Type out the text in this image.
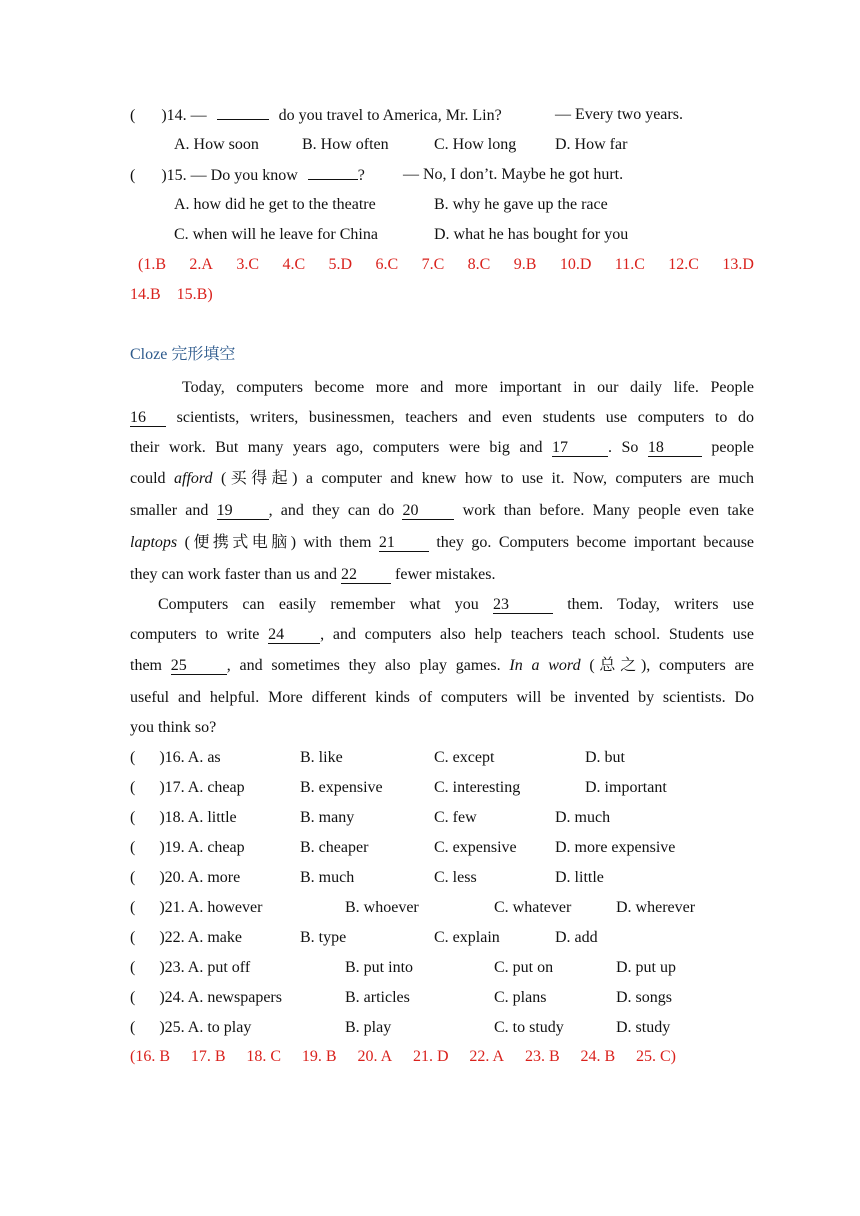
( )14. —	do you travel to America, Mr. Lin?	— Every two years.
A. How soon	B. How often	C. How long D. How far
( )15. — Do you know	? — No, I don’t. Maybe he got hurt.
A. how did he get to the theatre	B. why he gave up the race
C. when will he leave for China	D. what he has bought for you
(1.B 2.A 3.C 4.C 5.D 6.C 7.C 8.C 9.B 10.D 11.C 12.C 13.D
14.B    15.B)
Cloze 完形填空
Today, computers become more and more important in our daily life. People
16 scientists, writers, businessmen, teachers and even students use computers to do
their work. But many years ago, computers were big and 17	. So 18	people
could afford (买得起) a computer and knew how to use it. Now, computers are much
smaller and 19 , and they can do 20	work than before. Many people even take
laptops (便携式电脑) with them 21	they go. Computers become important because
they can work faster than us and 22 fewer mistakes.
Computers can easily remember what you 23	them. Today, writers use
computers to write 24 , and computers also help teachers teach school. Students use
them 25	, and sometimes they also play games. In a word (总之), computers are
useful and helpful. More different kinds of computers will be invented by scientists. Do
you think so?
(      )16. A. as	B. like	C. except	D. but
(      )17. A. cheap	B. expensive	C. interesting	D. important
(      )18. A. little	B. many	C. few	D. much
(      )19. A. cheap	B. cheaper	C. expensive D. more expensive
(      )20. A. more	B. much	C. less	D. little
(      )21. A. however	B. whoever	C. whatever	D. wherever
(      )22. A. make	B. type	C. explain	D. add
(      )23. A. put off	B. put into	C. put on	D. put up
(      )24. A. newspapers	B. articles	C. plans	D. songs
(      )25. A. to play	B. play	C. to study	D. study
(16. B 17. B 18. C 19. B 20. A 21. D 22. A 23. B 24. B 25. C)
